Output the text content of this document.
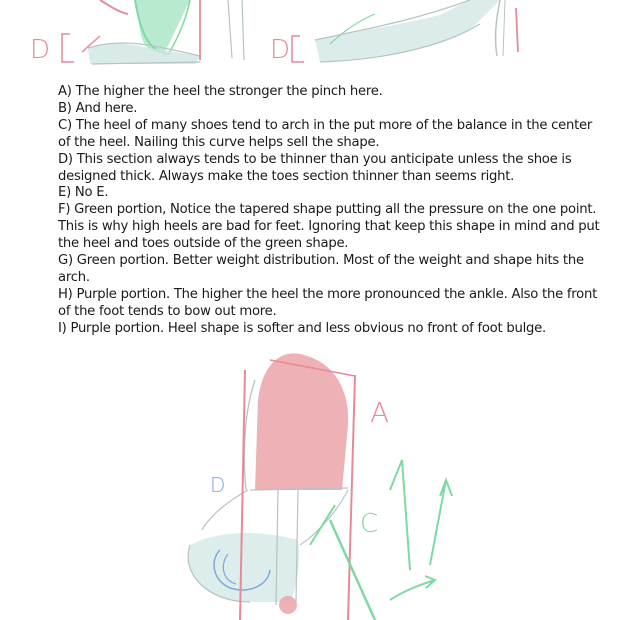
D	D

A) The higher the heel the stronger the pinch here.

B) And here.

C) The heel of many shoes tend to arch in the put more of the balance in the center of the heel. Nailing this curve helps sell the shape.

D) This section always tends to be thinner than you anticipate unless the shoe is designed thick. Always make the toes section thinner than seems right.

E) No E.

F) Green portion, Notice the tapered shape putting all the pressure on the one point. This is why high heels are bad for feet. Ignoring that keep this shape in mind and put the heel and toes outside of the green shape.

G) Green portion. Better weight distribution. Most of the weight and shape hits the arch.

H) Purple portion. The higher the heel the more pronounced the ankle. Also the front of the foot tends to bow out more.

I) Purple portion. Heel shape is softer and less obvious no front of foot bulge.

A
C
D
